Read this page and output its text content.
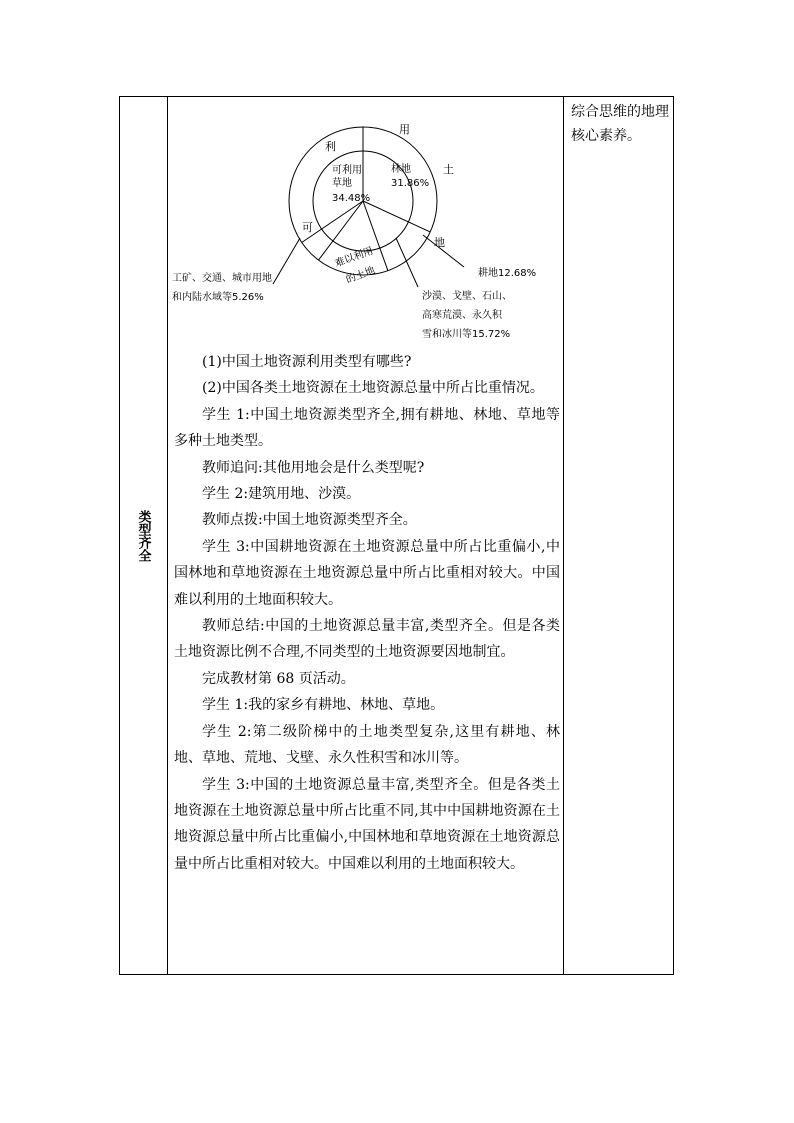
类型齐全
综合思维的地理核心素养。
利
用
土
地
可
可利用草地 34.48%
林地 31.86%
难以利用的土地	耕地12.68%
沙漠、戈壁、石山、高寒荒漠、永久积雪和冰川等15.72%
工矿、交通、城市用地和内陆水域等5.26%

(1)中国土地资源利用类型有哪些?

(2)中国各类土地资源在土地资源总量中所占比重情况。

学生 1:中国土地资源类型齐全,拥有耕地、林地、草地等多种土地类型。

教师追问:其他用地会是什么类型呢?

学生 2:建筑用地、沙漠。

教师点拨:中国土地资源类型齐全。

学生 3:中国耕地资源在土地资源总量中所占比重偏小,中国林地和草地资源在土地资源总量中所占比重相对较大。中国难以利用的土地面积较大。

教师总结:中国的土地资源总量丰富,类型齐全。但是各类土地资源比例不合理,不同类型的土地资源要因地制宜。

完成教材第 68 页活动。

学生 1:我的家乡有耕地、林地、草地。

学生 2:第二级阶梯中的土地类型复杂,这里有耕地、林地、草地、荒地、戈壁、永久性积雪和冰川等。

学生 3:中国的土地资源总量丰富,类型齐全。但是各类土地资源在土地资源总量中所占比重不同,其中中国耕地资源在土地资源总量中所占比重偏小,中国林地和草地资源在土地资源总量中所占比重相对较大。中国难以利用的土地面积较大。
